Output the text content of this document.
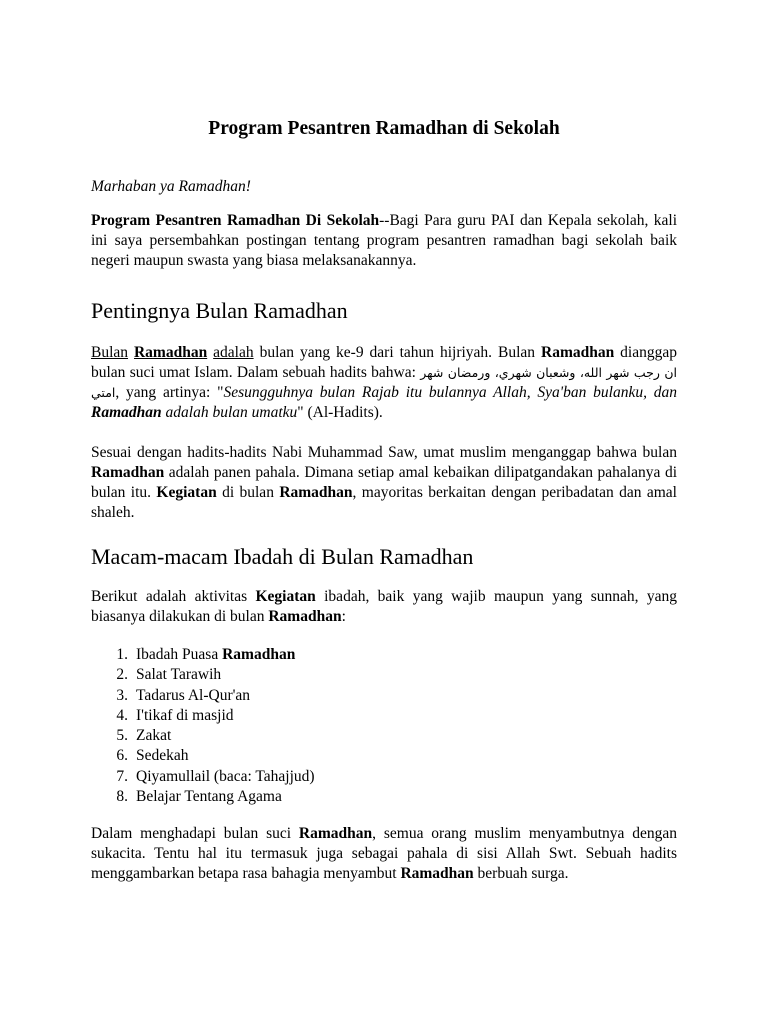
Program Pesantren Ramadhan di Sekolah

Marhaban ya Ramadhan!

Program Pesantren Ramadhan Di Sekolah--Bagi Para guru PAI dan Kepala sekolah, kali ini saya persembahkan postingan tentang program pesantren ramadhan bagi sekolah baik negeri maupun swasta yang biasa melaksanakannya.

Pentingnya Bulan Ramadhan

Bulan Ramadhan adalah bulan yang ke-9 dari tahun hijriyah. Bulan Ramadhan dianggap bulan suci umat Islam. Dalam sebuah hadits bahwa: ان رجب شهر الله، وشعبان شهري، ورمضان شهر امتي, yang artinya: "Sesungguhnya bulan Rajab itu bulannya Allah, Sya'ban bulanku, dan Ramadhan adalah bulan umatku" (Al-Hadits).

Sesuai dengan hadits-hadits Nabi Muhammad Saw, umat muslim menganggap bahwa bulan Ramadhan adalah panen pahala. Dimana setiap amal kebaikan dilipatgandakan pahalanya di bulan itu. Kegiatan di bulan Ramadhan, mayoritas berkaitan dengan peribadatan dan amal shaleh.

Macam-macam Ibadah di Bulan Ramadhan

Berikut adalah aktivitas Kegiatan ibadah, baik yang wajib maupun yang sunnah, yang biasanya dilakukan di bulan Ramadhan:

1. Ibadah Puasa Ramadhan
2. Salat Tarawih
3. Tadarus Al-Qur'an
4. I'tikaf di masjid
5. Zakat
6. Sedekah
7. Qiyamullail (baca: Tahajjud)
8. Belajar Tentang Agama

Dalam menghadapi bulan suci Ramadhan, semua orang muslim menyambutnya dengan sukacita. Tentu hal itu termasuk juga sebagai pahala di sisi Allah Swt. Sebuah hadits menggambarkan betapa rasa bahagia menyambut Ramadhan berbuah surga.
